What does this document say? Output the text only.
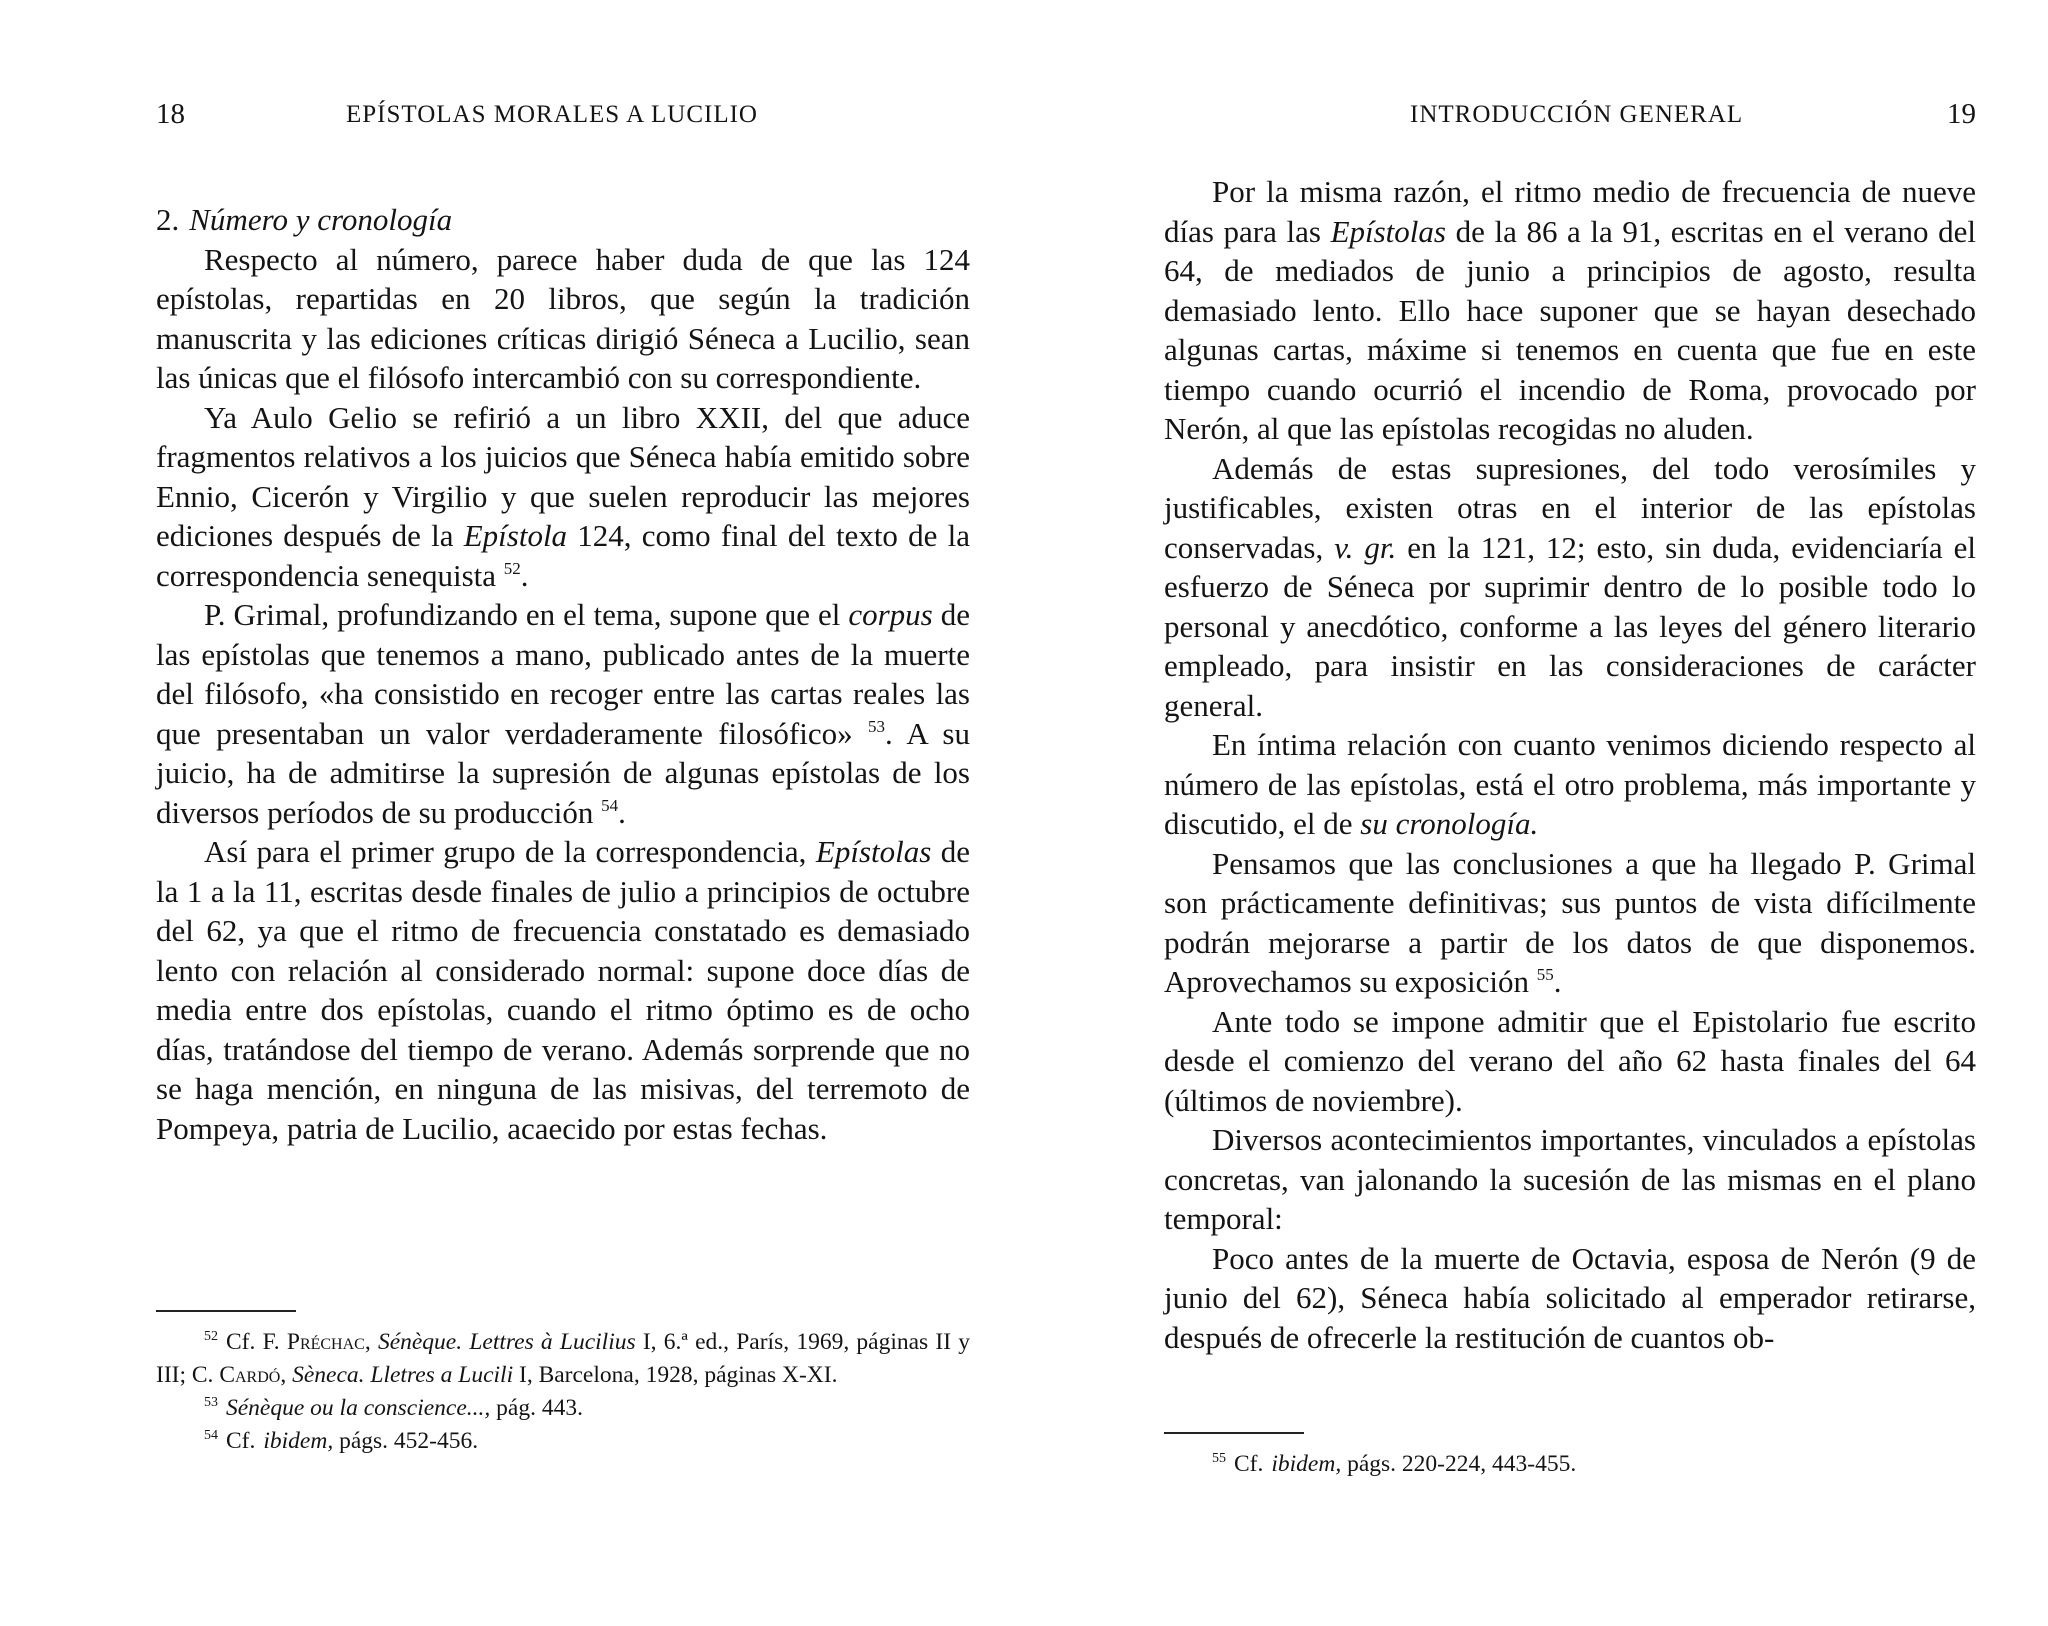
18	EPÍSTOLAS MORALES A LUCILIO

2. Número y cronología

Respecto al número, parece haber duda de que las 124 epístolas, repartidas en 20 libros, que según la tradición manuscrita y las ediciones críticas dirigió Séneca a Lucilio, sean las únicas que el filósofo intercambió con su correspondiente.

Ya Aulo Gelio se refirió a un libro XXII, del que aduce fragmentos relativos a los juicios que Séneca había emitido sobre Ennio, Cicerón y Virgilio y que suelen reproducir las mejores ediciones después de la Epístola 124, como final del texto de la correspondencia senequista $^{52}$.

P. Grimal, profundizando en el tema, supone que el corpus de las epístolas que tenemos a mano, publicado antes de la muerte del filósofo, «ha consistido en recoger entre las cartas reales las que presentaban un valor verdaderamente filosófico» $^{53}$. A su juicio, ha de admitirse la supresión de algunas epístolas de los diversos períodos de su producción $^{54}$.

Así para el primer grupo de la correspondencia, Epístolas de la 1 a la 11, escritas desde finales de julio a principios de octubre del 62, ya que el ritmo de frecuencia constatado es demasiado lento con relación al considerado normal: supone doce días de media entre dos epístolas, cuando el ritmo óptimo es de ocho días, tratándose del tiempo de verano. Además sorprende que no se haga mención, en ninguna de las misivas, del terremoto de Pompeya, patria de Lucilio, acaecido por estas fechas.

$^{52}$ Cf. F. Préchac, Sénèque. Lettres à Lucilius I, 6.ª ed., París, 1969, páginas II y III; C. Cardó, Sèneca. Lletres a Lucili I, Barcelona, 1928, páginas X-XI.

$^{53}$ Sénèque ou la conscience..., pág. 443.

$^{54}$ Cf. ibidem, págs. 452-456.

INTRODUCCIÓN GENERAL	19

Por la misma razón, el ritmo medio de frecuencia de nueve días para las Epístolas de la 86 a la 91, escritas en el verano del 64, de mediados de junio a principios de agosto, resulta demasiado lento. Ello hace suponer que se hayan desechado algunas cartas, máxime si tenemos en cuenta que fue en este tiempo cuando ocurrió el incendio de Roma, provocado por Nerón, al que las epístolas recogidas no aluden.

Además de estas supresiones, del todo verosímiles y justificables, existen otras en el interior de las epístolas conservadas, v. gr. en la 121, 12; esto, sin duda, evidenciaría el esfuerzo de Séneca por suprimir dentro de lo posible todo lo personal y anecdótico, conforme a las leyes del género literario empleado, para insistir en las consideraciones de carácter general.

En íntima relación con cuanto venimos diciendo respecto al número de las epístolas, está el otro problema, más importante y discutido, el de su cronología.

Pensamos que las conclusiones a que ha llegado P. Grimal son prácticamente definitivas; sus puntos de vista difícilmente podrán mejorarse a partir de los datos de que disponemos. Aprovechamos su exposición $^{55}$.

Ante todo se impone admitir que el Epistolario fue escrito desde el comienzo del verano del año 62 hasta finales del 64 (últimos de noviembre).

Diversos acontecimientos importantes, vinculados a epístolas concretas, van jalonando la sucesión de las mismas en el plano temporal:

Poco antes de la muerte de Octavia, esposa de Nerón (9 de junio del 62), Séneca había solicitado al emperador retirarse, después de ofrecerle la restitución de cuantos ob-

$^{55}$ Cf. ibidem, págs. 220-224, 443-455.
